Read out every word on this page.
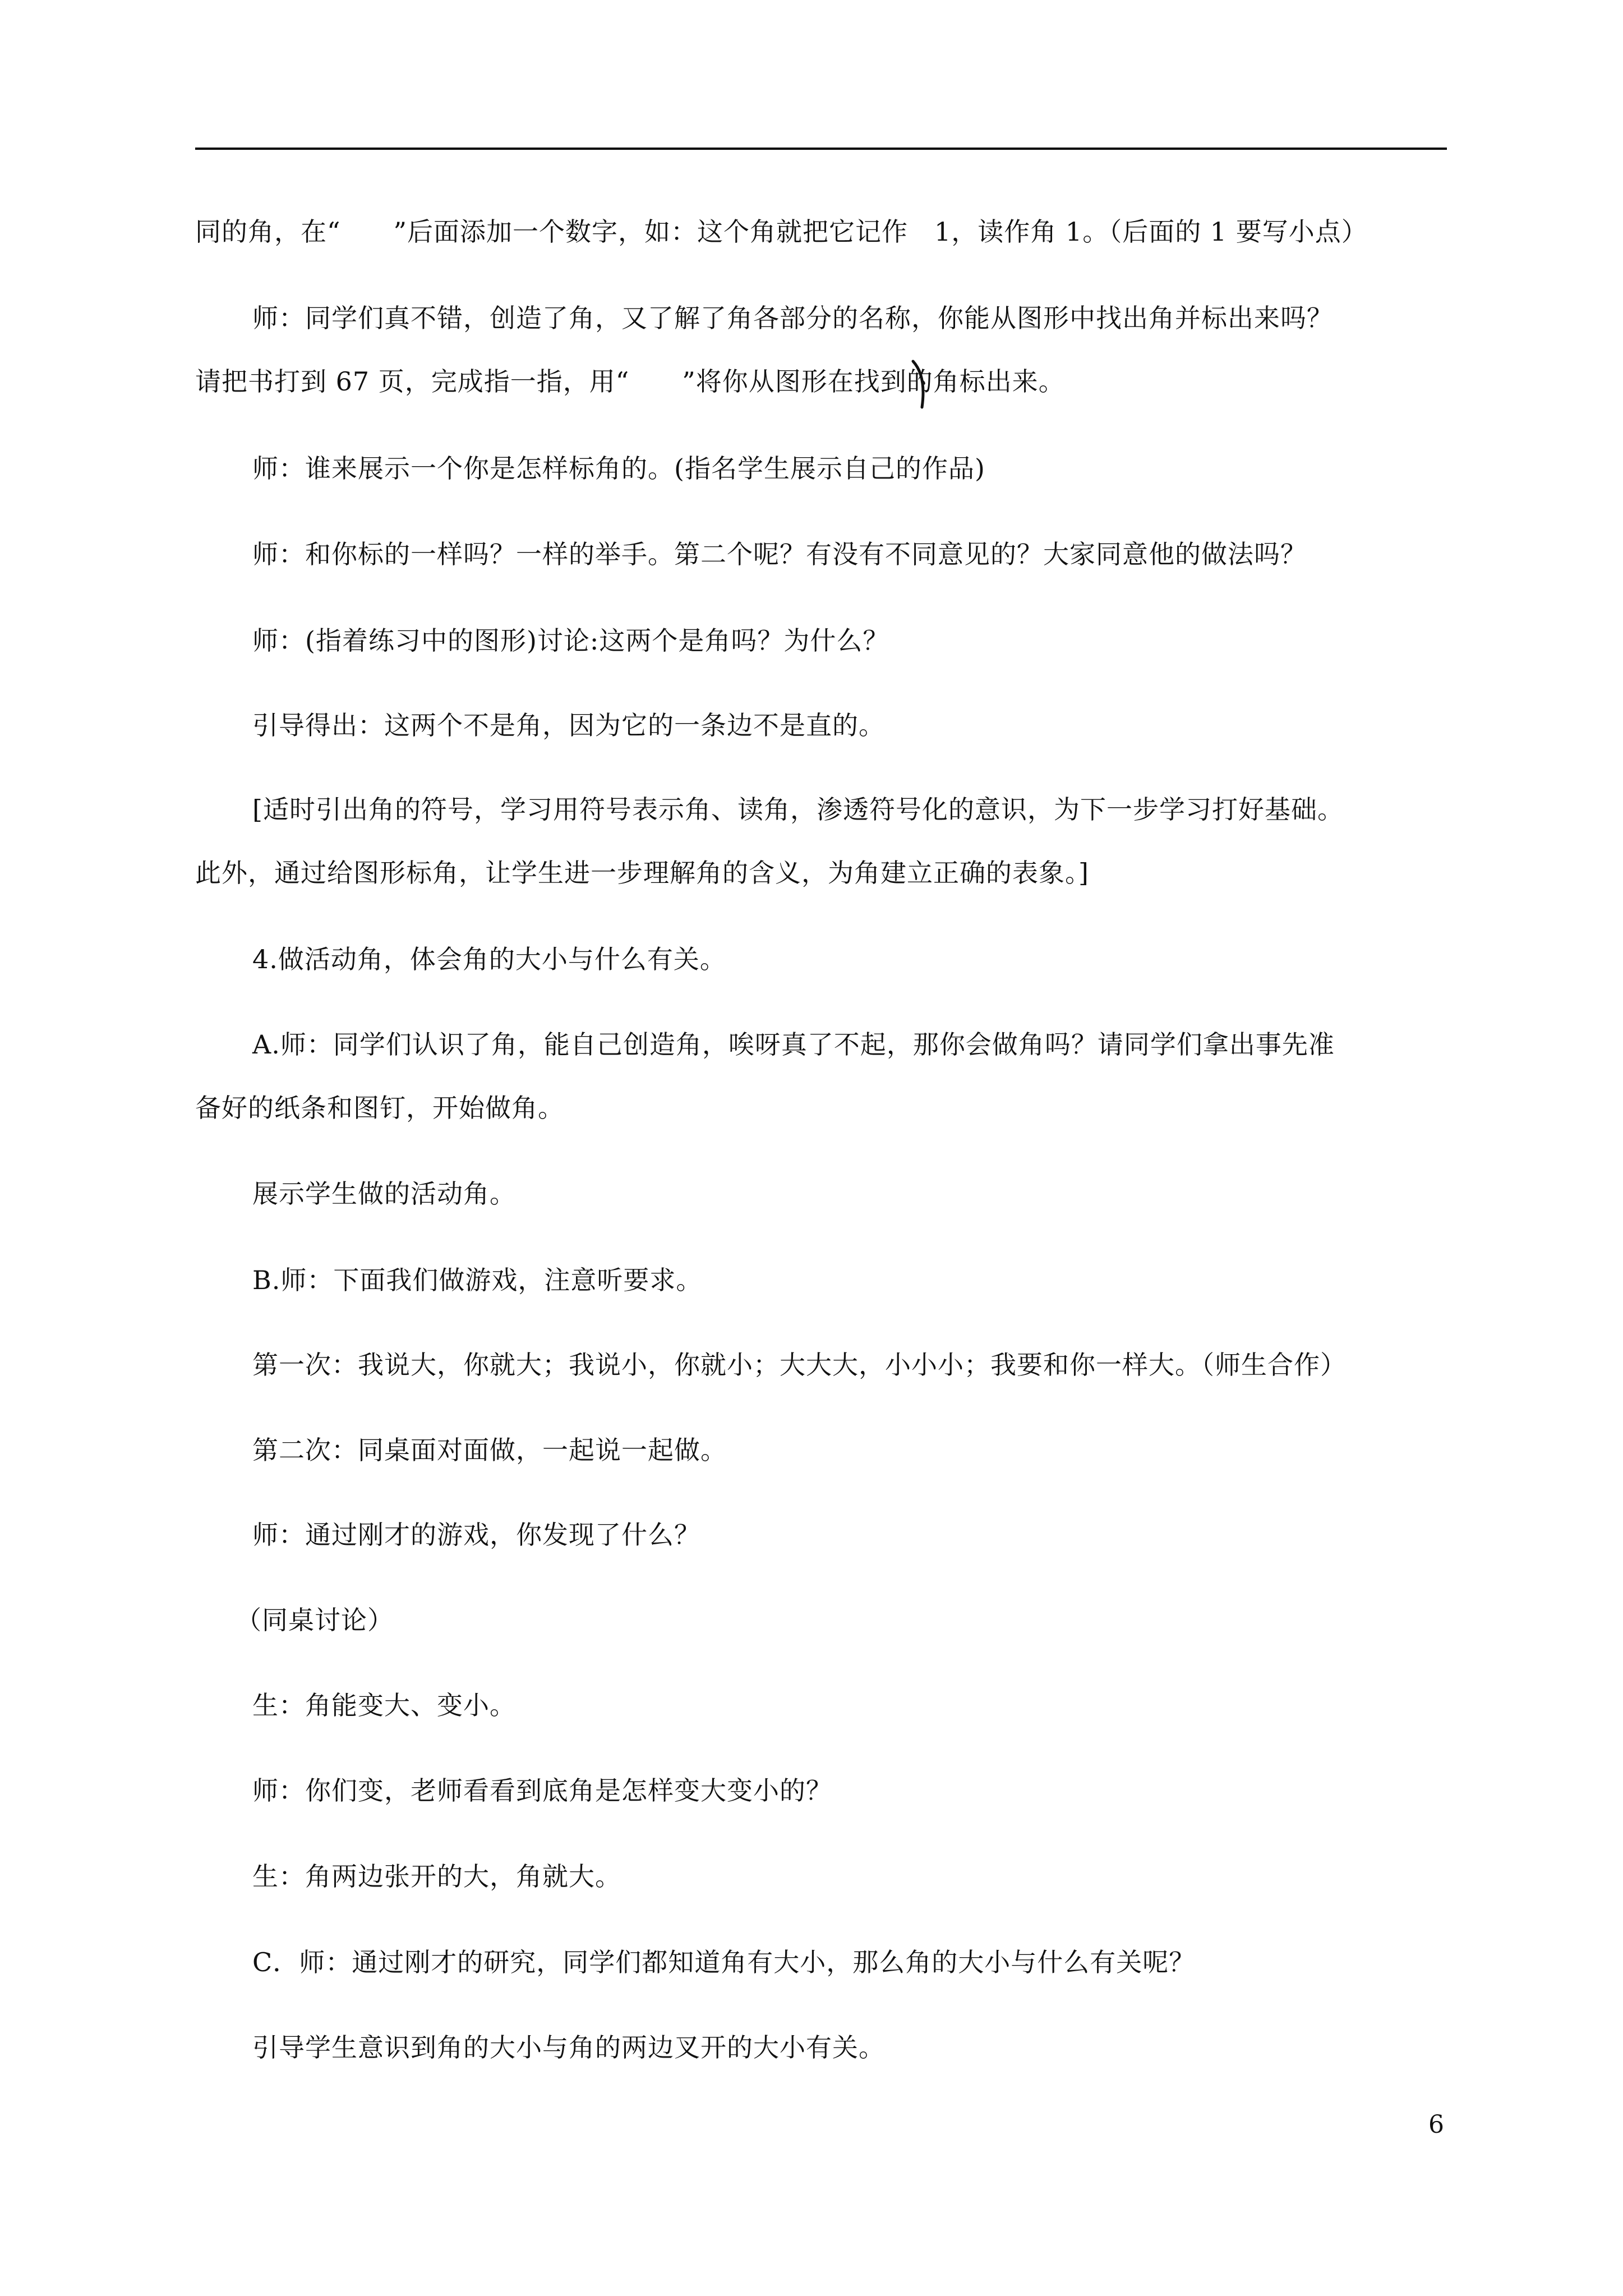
同的角，在“　　”后面添加一个数字，如：这个角就把它记作　1，读作角 1。（后面的 1 要写小点）
师：同学们真不错，创造了角，又了解了角各部分的名称，你能从图形中找出角并标出来吗？
请把书打到 67 页，完成指一指，用“　　”将你从图形在找到的角标出来。
师：谁来展示一个你是怎样标角的。(指名学生展示自己的作品)
师：和你标的一样吗？一样的举手。第二个呢？有没有不同意见的？大家同意他的做法吗？
师：(指着练习中的图形)讨论:这两个是角吗？为什么？
引导得出：这两个不是角，因为它的一条边不是直的。
[适时引出角的符号，学习用符号表示角、读角，渗透符号化的意识，为下一步学习打好基础。
此外，通过给图形标角，让学生进一步理解角的含义，为角建立正确的表象。]
4.做活动角，体会角的大小与什么有关。
A.师：同学们认识了角，能自己创造角，唉呀真了不起，那你会做角吗？请同学们拿出事先准
备好的纸条和图钉，开始做角。
展示学生做的活动角。
B.师：下面我们做游戏，注意听要求。
第一次：我说大，你就大；我说小，你就小；大大大，小小小；我要和你一样大。（师生合作）
第二次：同桌面对面做，一起说一起做。
师：通过刚才的游戏，你发现了什么？
（同桌讨论）
生：角能变大、变小。
师：你们变，老师看看到底角是怎样变大变小的？
生：角两边张开的大，角就大。
C．师：通过刚才的研究，同学们都知道角有大小，那么角的大小与什么有关呢？
引导学生意识到角的大小与角的两边叉开的大小有关。
6
